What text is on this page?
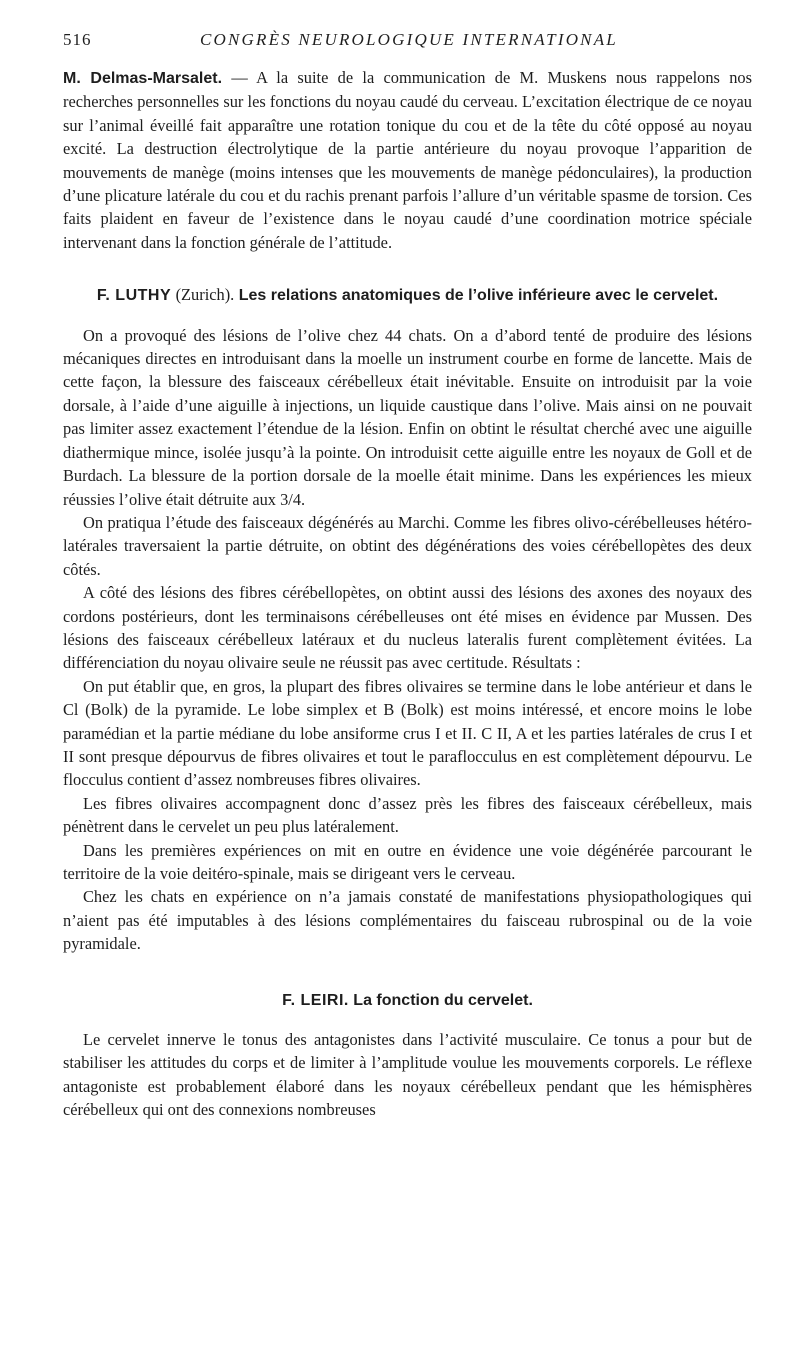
516	CONGRÈS NEUROLOGIQUE INTERNATIONAL

M. Delmas-Marsalet. — A la suite de la communication de M. Muskens nous rappelons nos recherches personnelles sur les fonctions du noyau caudé du cerveau. L’excitation électrique de ce noyau sur l’animal éveillé fait apparaître une rotation tonique du cou et de la tête du côté opposé au noyau excité. La destruction électrolytique de la partie antérieure du noyau provoque l’apparition de mouvements de manège (moins intenses que les mouvements de manège pédonculaires), la production d’une plicature latérale du cou et du rachis prenant parfois l’allure d’un véritable spasme de torsion. Ces faits plaident en faveur de l’existence dans le noyau caudé d’une coordination motrice spéciale intervenant dans la fonction générale de l’attitude.

F. LUTHY (Zurich). Les relations anatomiques de l’olive inférieure avec le cervelet.

On a provoqué des lésions de l’olive chez 44 chats. On a d’abord tenté de produire des lésions mécaniques directes en introduisant dans la moelle un instrument courbe en forme de lancette. Mais de cette façon, la blessure des faisceaux cérébelleux était inévitable. Ensuite on introduisit par la voie dorsale, à l’aide d’une aiguille à injections, un liquide caustique dans l’olive. Mais ainsi on ne pouvait pas limiter assez exactement l’étendue de la lésion. Enfin on obtint le résultat cherché avec une aiguille diathermique mince, isolée jusqu’à la pointe. On introduisit cette aiguille entre les noyaux de Goll et de Burdach. La blessure de la portion dorsale de la moelle était minime. Dans les expériences les mieux réussies l’olive était détruite aux 3/4.

On pratiqua l’étude des faisceaux dégénérés au Marchi. Comme les fibres olivo-cérébelleuses hétéro-latérales traversaient la partie détruite, on obtint des dégénérations des voies cérébellopètes des deux côtés.

A côté des lésions des fibres cérébellopètes, on obtint aussi des lésions des axones des noyaux des cordons postérieurs, dont les terminaisons cérébelleuses ont été mises en évidence par Mussen. Des lésions des faisceaux cérébelleux latéraux et du nucleus lateralis furent complètement évitées. La différenciation du noyau olivaire seule ne réussit pas avec certitude. Résultats :

On put établir que, en gros, la plupart des fibres olivaires se termine dans le lobe antérieur et dans le Cl (Bolk) de la pyramide. Le lobe simplex et B (Bolk) est moins intéressé, et encore moins le lobe paramédian et la partie médiane du lobe ansiforme crus I et II. C II, A et les parties latérales de crus I et II sont presque dépourvus de fibres olivaires et tout le paraflocculus en est complètement dépourvu. Le flocculus contient d’assez nombreuses fibres olivaires.

Les fibres olivaires accompagnent donc d’assez près les fibres des faisceaux cérébelleux, mais pénètrent dans le cervelet un peu plus latéralement.

Dans les premières expériences on mit en outre en évidence une voie dégénérée parcourant le territoire de la voie deitéro-spinale, mais se dirigeant vers le cerveau.

Chez les chats en expérience on n’a jamais constaté de manifestations physiopathologiques qui n’aient pas été imputables à des lésions complémentaires du faisceau rubrospinal ou de la voie pyramidale.

F. LEIRI. La fonction du cervelet.

Le cervelet innerve le tonus des antagonistes dans l’activité musculaire. Ce tonus a pour but de stabiliser les attitudes du corps et de limiter à l’amplitude voulue les mouvements corporels. Le réflexe antagoniste est probablement élaboré dans les noyaux cérébelleux pendant que les hémisphères cérébelleux qui ont des connexions nombreuses
